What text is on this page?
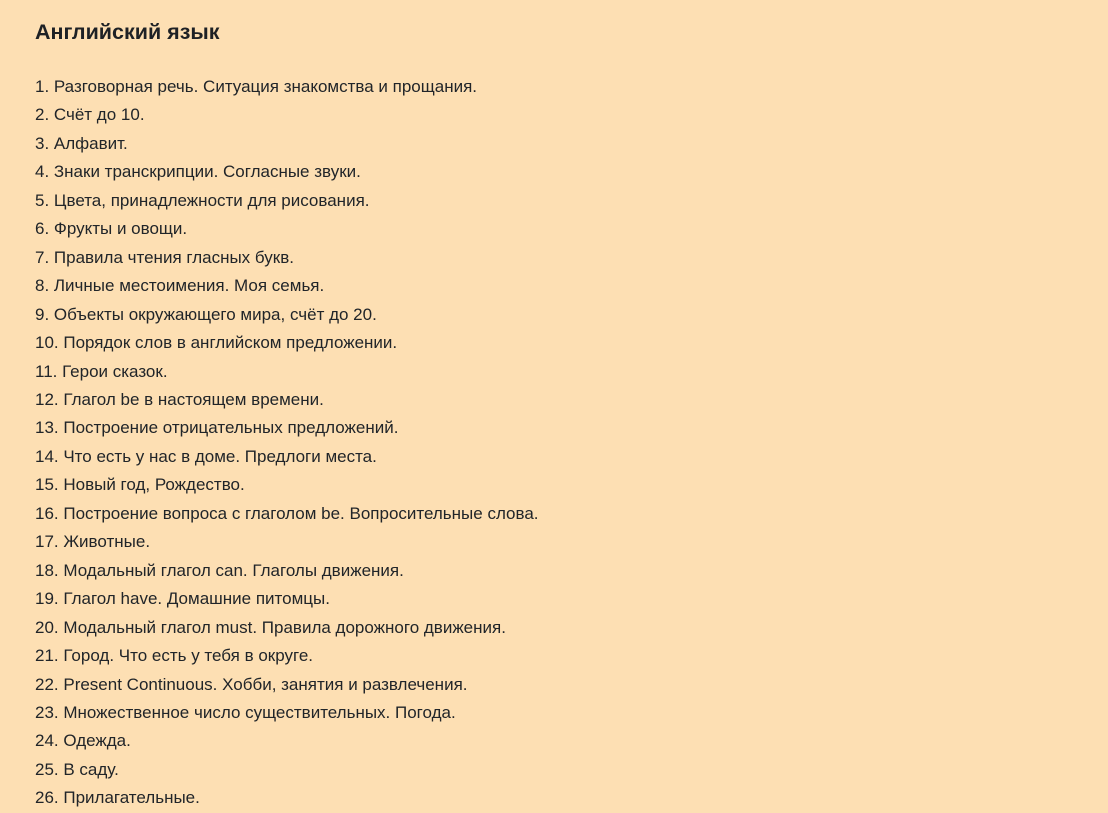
Английский язык
1. Разговорная речь. Ситуация знакомства и прощания.
2. Счёт до 10.
3. Алфавит.
4. Знаки транскрипции. Согласные звуки.
5. Цвета, принадлежности для рисования.
6. Фрукты и овощи.
7. Правила чтения гласных букв.
8. Личные местоимения. Моя семья.
9. Объекты окружающего мира, счёт до 20.
10. Порядок слов в английском предложении.
11. Герои сказок.
12. Глагол be в настоящем времени.
13. Построение отрицательных предложений.
14. Что есть у нас в доме. Предлоги места.
15. Новый год, Рождество.
16. Построение вопроса с глаголом be. Вопросительные слова.
17. Животные.
18. Модальный глагол can. Глаголы движения.
19. Глагол have. Домашние питомцы.
20. Модальный глагол must. Правила дорожного движения.
21. Город. Что есть у тебя в округе.
22. Present Continuous. Хобби, занятия и развлечения.
23. Множественное число существительных. Погода.
24. Одежда.
25. В саду.
26. Прилагательные.
